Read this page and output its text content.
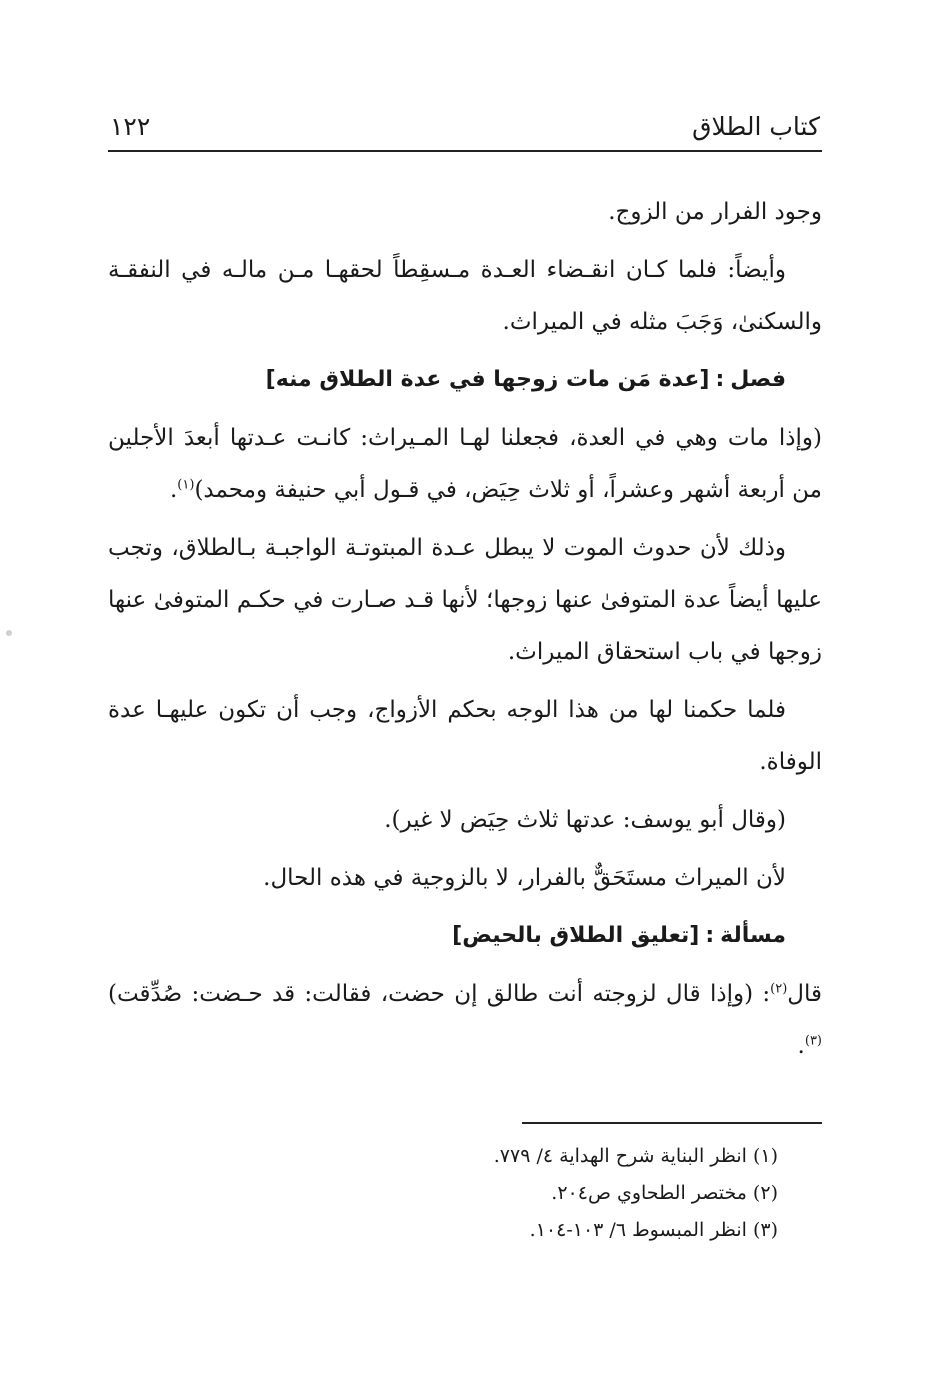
كتاب الطلاق
١٢٢

وجود الفرار من الزوج.

وأيضاً: فلما كـان انقـضاء العـدة مـسقِطاً لحقهـا مـن مالـه في النفقـة والسكنىٰ، وَجَبَ مثله في الميراث.

فصل:[عدة مَن مات زوجها في عدة الطلاق منه]

(وإذا مات وهي في العدة، فجعلنا لهـا المـيراث: كانـت عـدتها أبعدَ الأجلين من أربعة أشهر وعشراً، أو ثلاث حِيَض، في قـول أبي حنيفة ومحمد)$^{(١)}$.

وذلك لأن حدوث الموت لا يبطل عـدة المبتوتـة الواجبـة بـالطلاق، وتجب عليها أيضاً عدة المتوفىٰ عنها زوجها؛ لأنها قـد صـارت في حكـم المتوفىٰ عنها زوجها في باب استحقاق الميراث.

فلما حكمنا لها من هذا الوجه بحكم الأزواج، وجب أن تكون عليهـا عدة الوفاة.

(وقال أبو يوسف: عدتها ثلاث حِيَض لا غير).

لأن الميراث مستَحَقٌّ بالفرار، لا بالزوجية في هذه الحال.

مسألة:[تعليق الطلاق بالحيض]

قال$^{(٢)}$: (وإذا قال لزوجته أنت طالق إن حضت، فقالت: قد حـضت: صُدِّقت)$^{(٣)}$.

(١) انظر البناية شرح الهداية ٤/ ٧٧٩.
(٢) مختصر الطحاوي ص٢٠٤.
(٣) انظر المبسوط ٦/ ١٠٣-١٠٤.
